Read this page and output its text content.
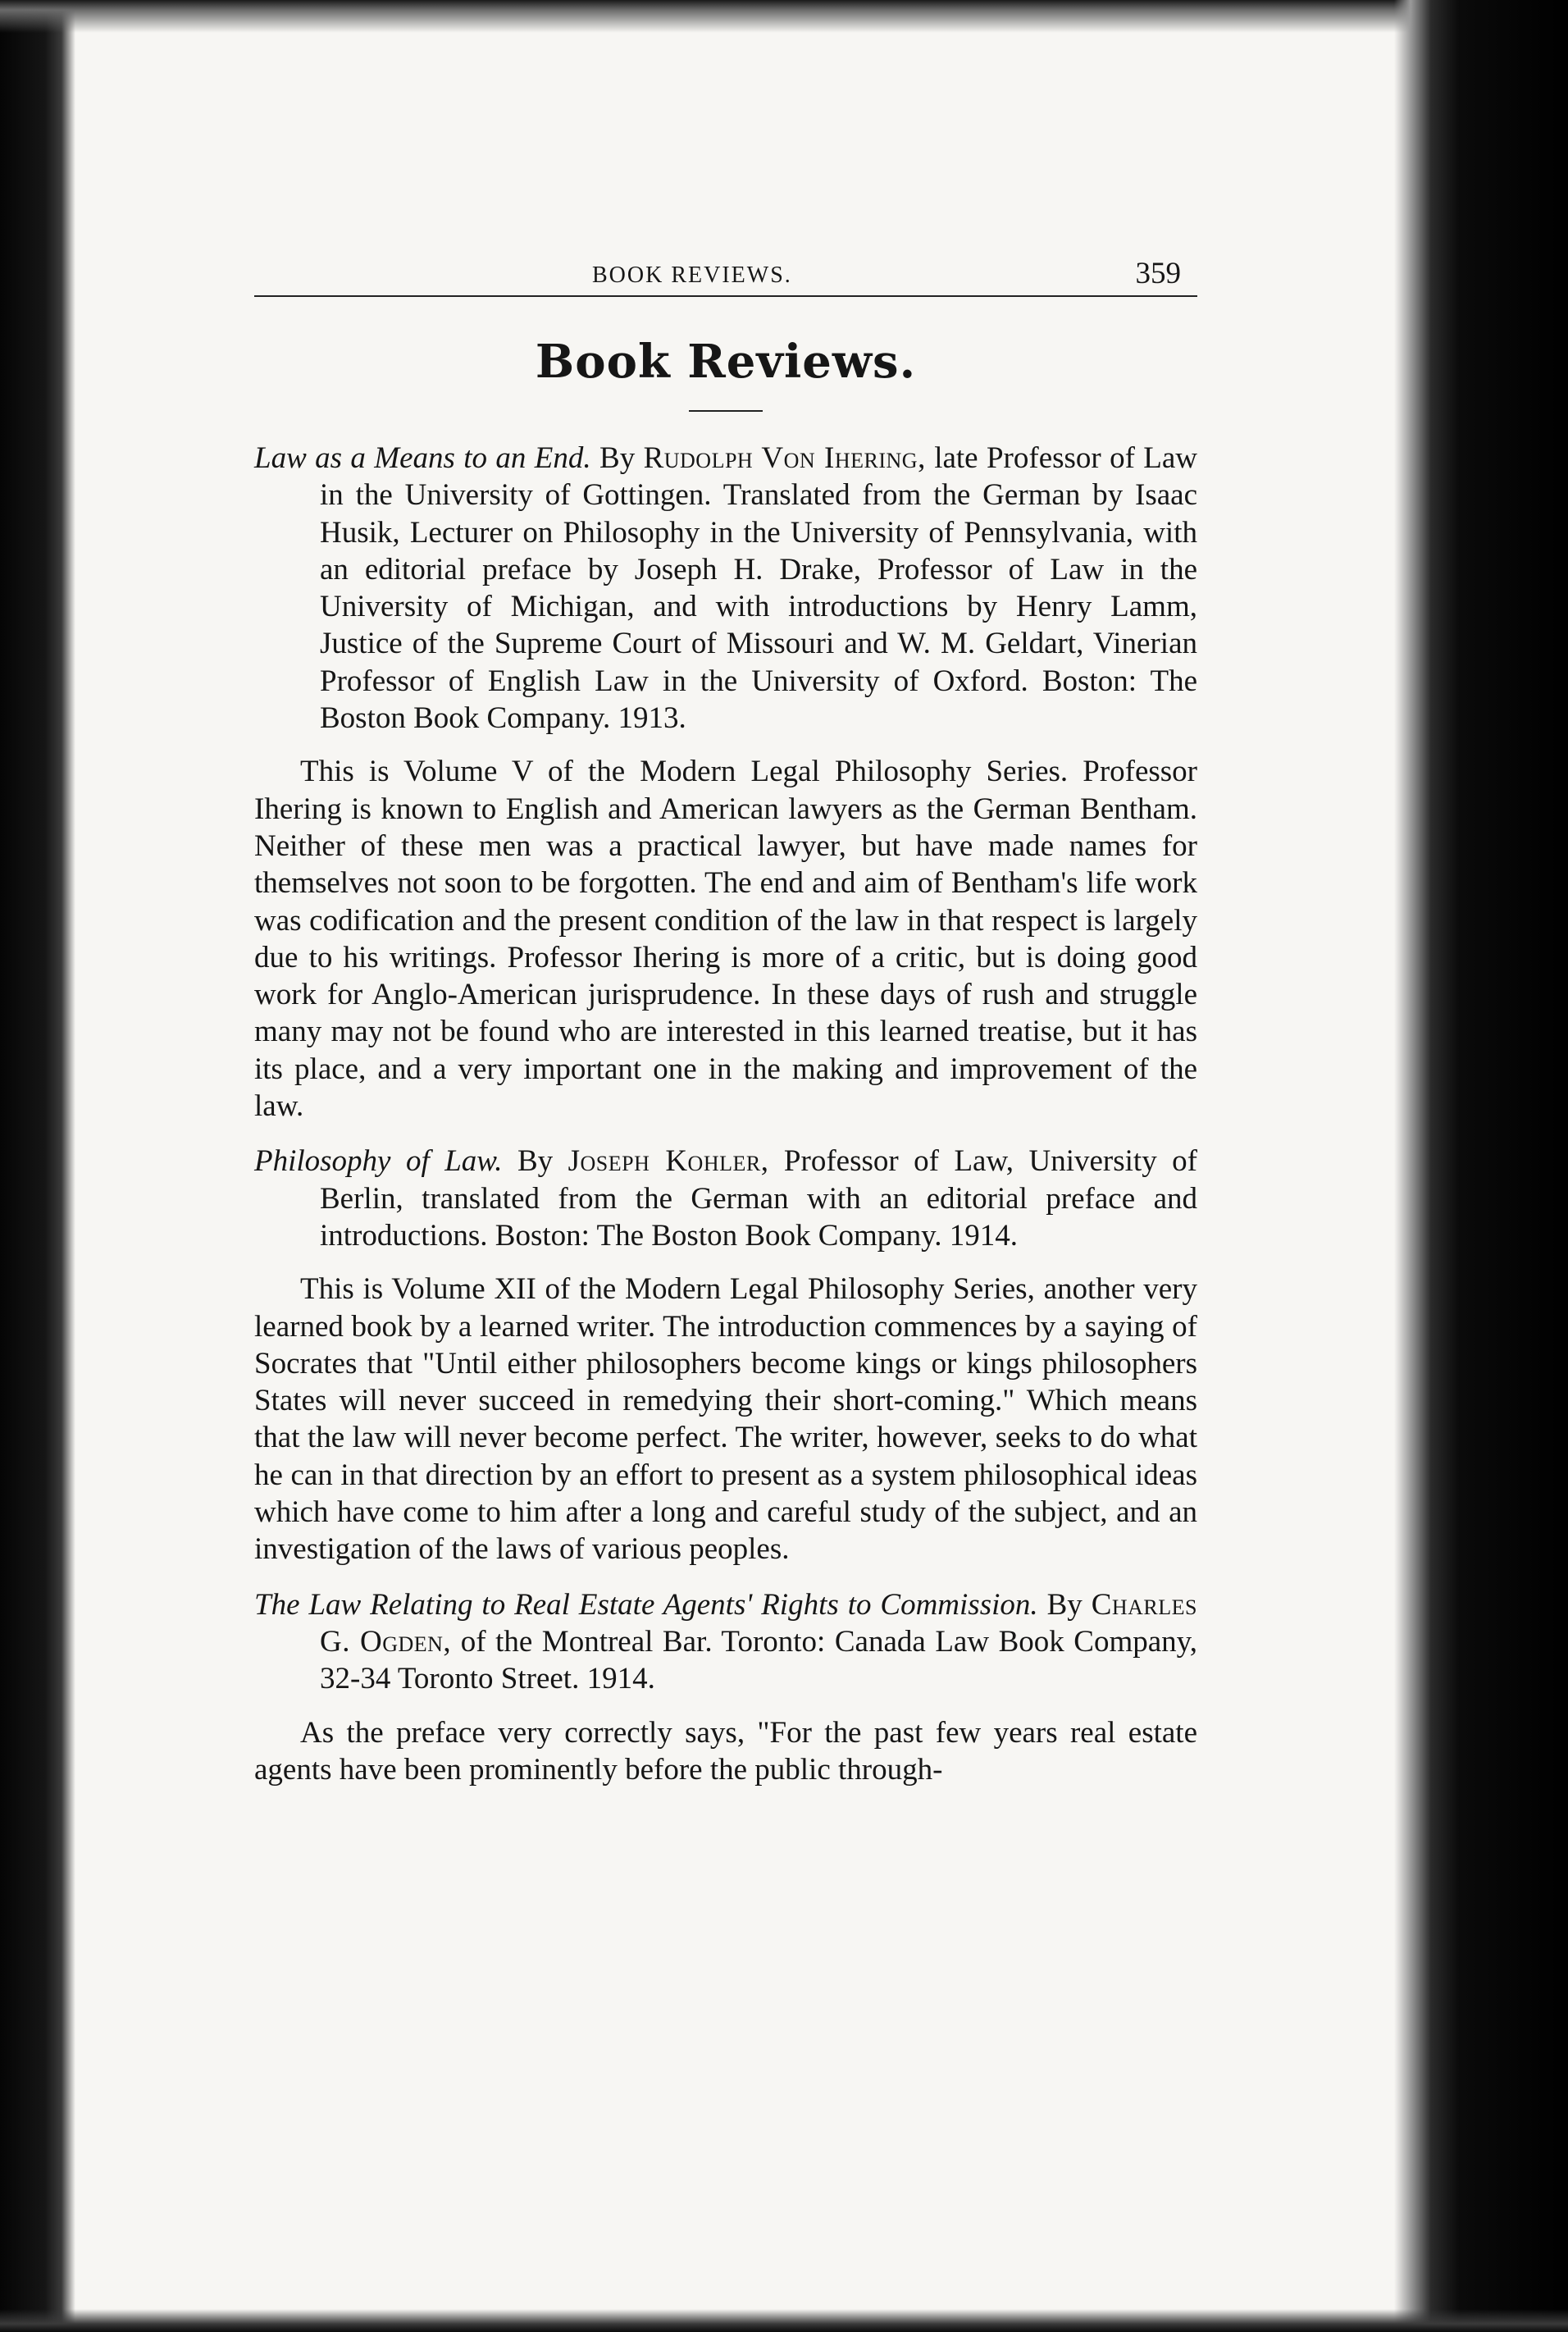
BOOK REVIEWS.	359
Book Reviews.

Law as a Means to an End. By Rudolph Von Ihering, late Professor of Law in the University of Gottingen. Translated from the German by Isaac Husik, Lecturer on Philosophy in the University of Pennsylvania, with an editorial preface by Joseph H. Drake, Professor of Law in the University of Michigan, and with introductions by Henry Lamm, Justice of the Supreme Court of Missouri and W. M. Geldart, Vinerian Professor of English Law in the University of Oxford. Boston: The Boston Book Company. 1913.

This is Volume V of the Modern Legal Philosophy Series. Professor Ihering is known to English and American lawyers as the German Bentham. Neither of these men was a practical lawyer, but have made names for themselves not soon to be forgotten. The end and aim of Bentham's life work was codification and the present condition of the law in that respect is largely due to his writings. Professor Ihering is more of a critic, but is doing good work for Anglo-American jurisprudence. In these days of rush and struggle many may not be found who are interested in this learned treatise, but it has its place, and a very important one in the making and improvement of the law.

Philosophy of Law. By Joseph Kohler, Professor of Law, University of Berlin, translated from the German with an editorial preface and introductions. Boston: The Boston Book Company. 1914.

This is Volume XII of the Modern Legal Philosophy Series, another very learned book by a learned writer. The introduction commences by a saying of Socrates that "Until either philosophers become kings or kings philosophers States will never succeed in remedying their short-coming." Which means that the law will never become perfect. The writer, however, seeks to do what he can in that direction by an effort to present as a system philosophical ideas which have come to him after a long and careful study of the subject, and an investigation of the laws of various peoples.

The Law Relating to Real Estate Agents' Rights to Commission. By Charles G. Ogden, of the Montreal Bar. Toronto: Canada Law Book Company, 32-34 Toronto Street. 1914.

As the preface very correctly says, "For the past few years real estate agents have been prominently before the public through-
